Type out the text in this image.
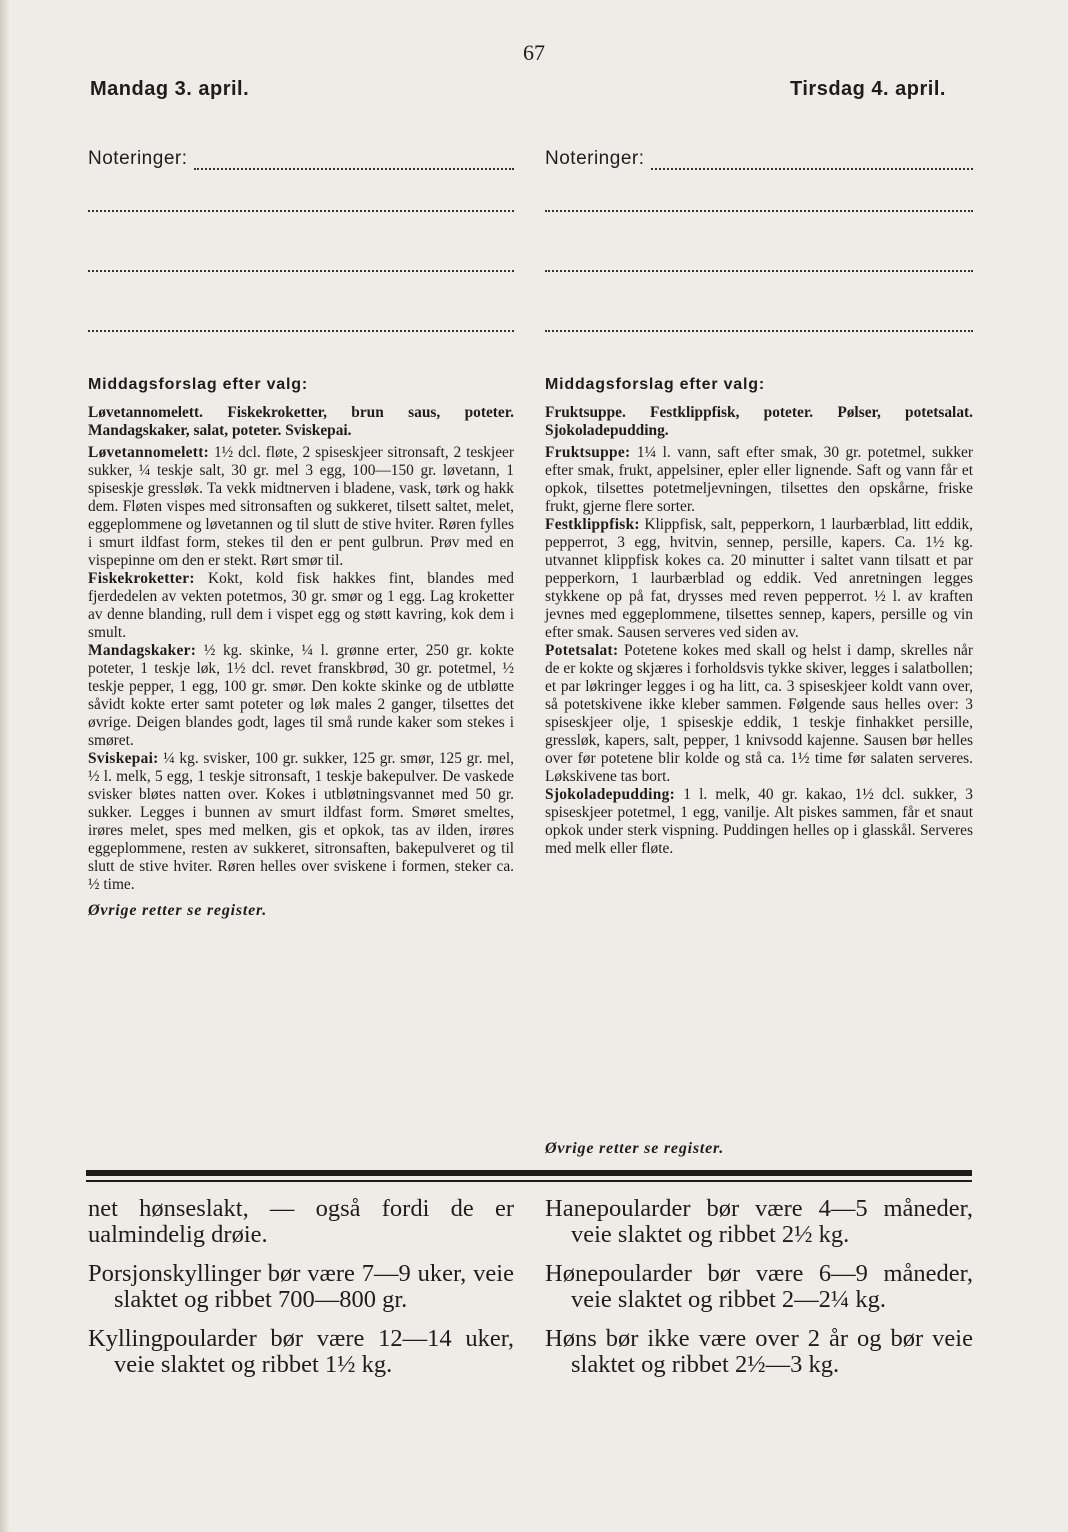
67
Mandag 3. april.	Tirsdag 4. april.
Noteringer:	Noteringer:
Middagsforslag efter valg:

Løvetannomelett. Fiskekroketter, brun saus, poteter. Mandagskaker, salat, poteter. Sviskepai.

Løvetannomelett: 1½ dcl. fløte, 2 spiseskjeer sitronsaft, 2 teskjeer sukker, ¼ teskje salt, 30 gr. mel 3 egg, 100—150 gr. løvetann, 1 spiseskje gressløk. Ta vekk midtnerven i bladene, vask, tørk og hakk dem. Fløten vispes med sitronsaften og sukkeret, tilsett saltet, melet, eggeplommene og løvetannen og til slutt de stive hviter. Røren fylles i smurt ildfast form, stekes til den er pent gulbrun. Prøv med en vispepinne om den er stekt. Rørt smør til.

Fiskekroketter: Kokt, kold fisk hakkes fint, blandes med fjerdedelen av vekten potetmos, 30 gr. smør og 1 egg. Lag kroketter av denne blanding, rull dem i vispet egg og støtt kavring, kok dem i smult.

Mandagskaker: ½ kg. skinke, ¼ l. grønne erter, 250 gr. kokte poteter, 1 teskje løk, 1½ dcl. revet franskbrød, 30 gr. potetmel, ½ teskje pepper, 1 egg, 100 gr. smør. Den kokte skinke og de utbløtte såvidt kokte erter samt poteter og løk males 2 ganger, tilsettes det øvrige. Deigen blandes godt, lages til små runde kaker som stekes i smøret.

Sviskepai: ¼ kg. svisker, 100 gr. sukker, 125 gr. smør, 125 gr. mel, ½ l. melk, 5 egg, 1 teskje sitronsaft, 1 teskje bakepulver. De vaskede svisker bløtes natten over. Kokes i utbløtningsvannet med 50 gr. sukker. Legges i bunnen av smurt ildfast form. Smøret smeltes, irøres melet, spes med melken, gis et opkok, tas av ilden, irøres eggeplommene, resten av sukkeret, sitronsaften, bakepulveret og til slutt de stive hviter. Røren helles over sviskene i formen, steker ca. ½ time.

Øvrige retter se register.
Middagsforslag efter valg:

Fruktsuppe. Festklippfisk, poteter. Pølser, potetsalat. Sjokoladepudding.

Fruktsuppe: 1¼ l. vann, saft efter smak, 30 gr. potetmel, sukker efter smak, frukt, appelsiner, epler eller lignende. Saft og vann får et opkok, tilsettes potetmeljevningen, tilsettes den opskårne, friske frukt, gjerne flere sorter.

Festklippfisk: Klippfisk, salt, pepperkorn, 1 laurbærblad, litt eddik, pepperrot, 3 egg, hvitvin, sennep, persille, kapers. Ca. 1½ kg. utvannet klippfisk kokes ca. 20 minutter i saltet vann tilsatt et par pepperkorn, 1 laurbærblad og eddik. Ved anretningen legges stykkene op på fat, drysses med reven pepperrot. ½ l. av kraften jevnes med eggeplommene, tilsettes sennep, kapers, persille og vin efter smak. Sausen serveres ved siden av.

Potetsalat: Potetene kokes med skall og helst i damp, skrelles når de er kokte og skjæres i forholdsvis tykke skiver, legges i salatbollen; et par løkringer legges i og ha litt, ca. 3 spiseskjeer koldt vann over, så potetskivene ikke kleber sammen. Følgende saus helles over: 3 spiseskjeer olje, 1 spiseskje eddik, 1 teskje finhakket persille, gressløk, kapers, salt, pepper, 1 knivsodd kajenne. Sausen bør helles over før potetene blir kolde og stå ca. 1½ time før salaten serveres. Løkskivene tas bort.

Sjokoladepudding: 1 l. melk, 40 gr. kakao, 1½ dcl. sukker, 3 spiseskjeer potetmel, 1 egg, vanilje. Alt piskes sammen, får et snaut opkok under sterk vispning. Puddingen helles op i glasskål. Serveres med melk eller fløte.

Øvrige retter se register.

net hønseslakt, — også fordi de er ualmindelig drøie.

Porsjonskyllinger bør være 7—9 uker, veie slaktet og ribbet 700—800 gr.

Kyllingpoularder bør være 12—14 uker, veie slaktet og ribbet 1½ kg.

Hanepoularder bør være 4—5 måneder, veie slaktet og ribbet 2½ kg.

Hønepoularder bør være 6—9 måneder, veie slaktet og ribbet 2—2¼ kg.

Høns bør ikke være over 2 år og bør veie slaktet og ribbet 2½—3 kg.
